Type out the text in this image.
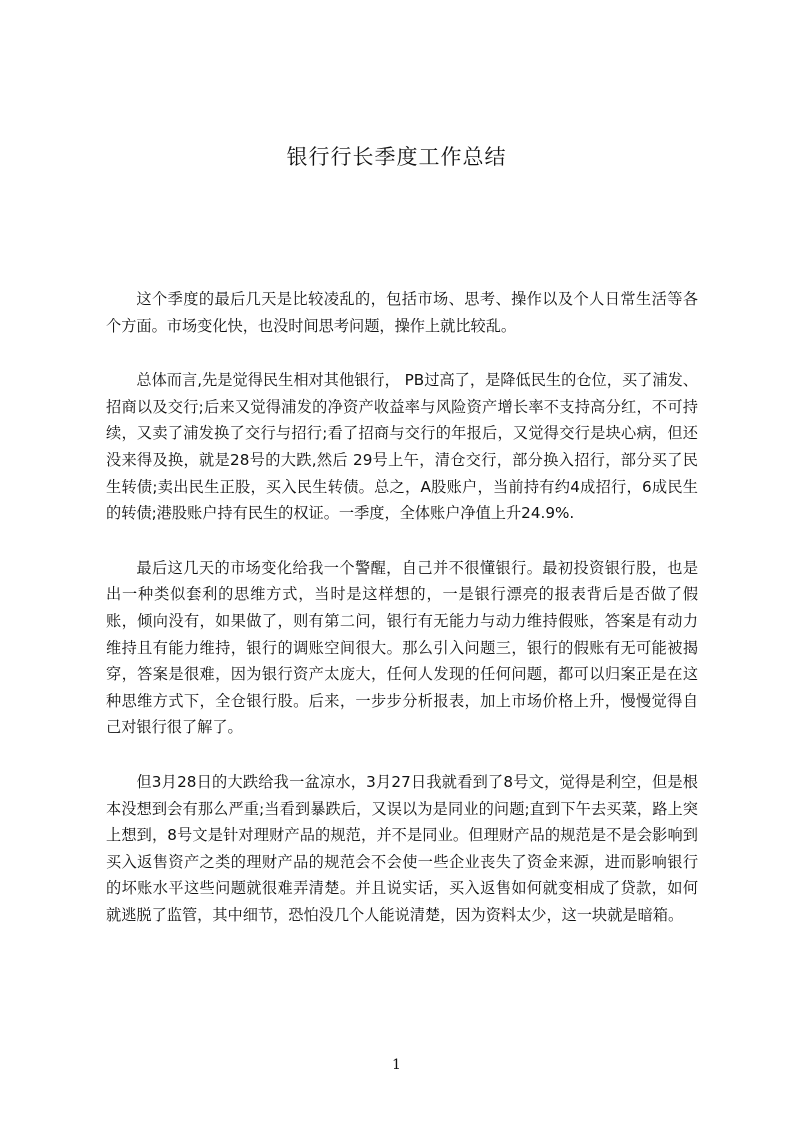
银行行长季度工作总结

这个季度的最后几天是比较凌乱的，包括市场、思考、操作以及个人日常生活等各个方面。市场变化快，也没时间思考问题，操作上就比较乱。

总体而言,先是觉得民生相对其他银行， PB过高了，是降低民生的仓位，买了浦发、招商以及交行;后来又觉得浦发的净资产收益率与风险资产增长率不支持高分红，不可持续，又卖了浦发换了交行与招行;看了招商与交行的年报后，又觉得交行是块心病，但还没来得及换，就是28号的大跌,然后 29号上午，清仓交行，部分换入招行，部分买了民生转债;卖出民生正股，买入民生转债。总之，A股账户，当前持有约4成招行，6成民生的转债;港股账户持有民生的权证。一季度，全体账户净值上升24.9%.

最后这几天的市场变化给我一个警醒，自己并不很懂银行。最初投资银行股，也是出一种类似套利的思维方式，当时是这样想的，一是银行漂亮的报表背后是否做了假账，倾向没有，如果做了，则有第二问，银行有无能力与动力维持假账，答案是有动力维持且有能力维持，银行的调账空间很大。那么引入问题三，银行的假账有无可能被揭穿，答案是很难，因为银行资产太庞大，任何人发现的任何问题，都可以归案正是在这种思维方式下，全仓银行股。后来，一步步分析报表，加上市场价格上升，慢慢觉得自己对银行很了解了。

但3月28日的大跌给我一盆凉水，3月27日我就看到了8号文，觉得是利空，但是根本没想到会有那么严重;当看到暴跌后，又误以为是同业的问题;直到下午去买菜，路上突上想到，8号文是针对理财产品的规范，并不是同业。但理财产品的规范是不是会影响到买入返售资产之类的理财产品的规范会不会使一些企业丧失了资金来源，进而影响银行的坏账水平这些问题就很难弄清楚。并且说实话，买入返售如何就变相成了贷款，如何就逃脱了监管，其中细节，恐怕没几个人能说清楚，因为资料太少，这一块就是暗箱。

1
